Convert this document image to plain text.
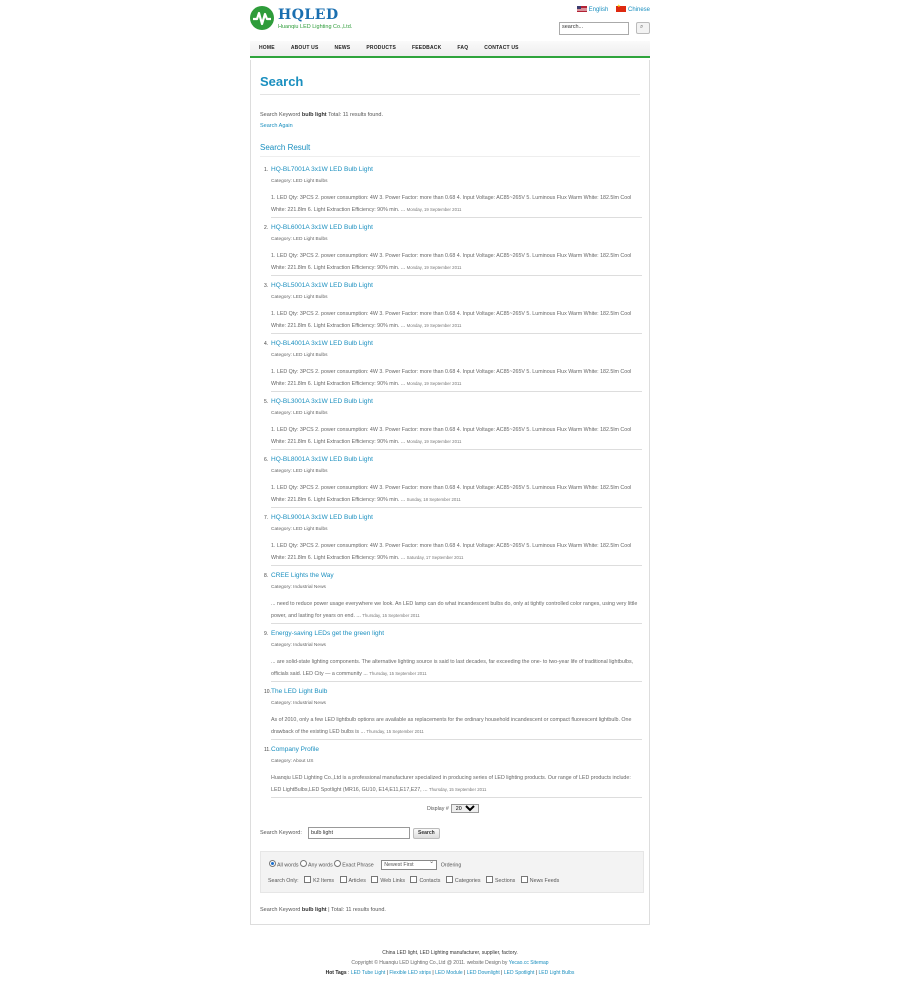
HQLED
Huanqiu LED Lighting Co.,Ltd.
English ★	Chinese
search...	⌕
HOME	ABOUT US	NEWS	PRODUCTS	FEEDBACK	FAQ	CONTACT US
Search
Search Keyword bulb light Total: 11 results found.
Search Again
Search Result
1. HQ-BL7001A 3x1W LED Bulb Light
Category: LED Light Bulbs
1. LED Qty: 3PCS 2. power consumption: 4W 3. Power Factor: more than 0.68 4. Input Voltage: AC85~265V 5. Luminous Flux Warm White: 182.5lm Cool White: 221.8lm 6. Light Extraction Efficiency: 90% min. ... Monday, 19 September 2011
2. HQ-BL6001A 3x1W LED Bulb Light
Category: LED Light Bulbs
1. LED Qty: 3PCS 2. power consumption: 4W 3. Power Factor: more than 0.68 4. Input Voltage: AC85~265V 5. Luminous Flux Warm White: 182.5lm Cool White: 221.8lm 6. Light Extraction Efficiency: 90% min. ... Monday, 19 September 2011
3. HQ-BL5001A 3x1W LED Bulb Light
Category: LED Light Bulbs
1. LED Qty: 3PCS 2. power consumption: 4W 3. Power Factor: more than 0.68 4. Input Voltage: AC85~265V 5. Luminous Flux Warm White: 182.5lm Cool White: 221.8lm 6. Light Extraction Efficiency: 90% min. ... Monday, 19 September 2011
4. HQ-BL4001A 3x1W LED Bulb Light
Category: LED Light Bulbs
1. LED Qty: 3PCS 2. power consumption: 4W 3. Power Factor: more than 0.68 4. Input Voltage: AC85~265V 5. Luminous Flux Warm White: 182.5lm Cool White: 221.8lm 6. Light Extraction Efficiency: 90% min. ... Monday, 19 September 2011
5. HQ-BL3001A 3x1W LED Bulb Light
Category: LED Light Bulbs
1. LED Qty: 3PCS 2. power consumption: 4W 3. Power Factor: more than 0.68 4. Input Voltage: AC85~265V 5. Luminous Flux Warm White: 182.5lm Cool White: 221.8lm 6. Light Extraction Efficiency: 90% min. ... Monday, 19 September 2011
6. HQ-BL8001A 3x1W LED Bulb Light
Category: LED Light Bulbs
1. LED Qty: 3PCS 2. power consumption: 4W 3. Power Factor: more than 0.68 4. Input Voltage: AC85~265V 5. Luminous Flux Warm White: 182.5lm Cool White: 221.8lm 6. Light Extraction Efficiency: 90% min. ... Sunday, 18 September 2011
7. HQ-BL9001A 3x1W LED Bulb Light
Category: LED Light Bulbs
1. LED Qty: 3PCS 2. power consumption: 4W 3. Power Factor: more than 0.68 4. Input Voltage: AC85~265V 5. Luminous Flux Warm White: 182.5lm Cool White: 221.8lm 6. Light Extraction Efficiency: 90% min. ... Saturday, 17 September 2011
8. CREE Lights the Way
Category: Industrial News
... need to reduce power usage everywhere we look. An LED lamp can do what incandescent bulbs do, only at tightly controlled color ranges, using very little power, and lasting for years on end. ... Thursday, 15 September 2011
9. Energy-saving LEDs get the green light
Category: Industrial News
... are solid-state lighting components. The alternative lighting source is said to last decades, far exceeding the one- to two-year life of traditional lightbulbs, officials said. LED City — a community ... Thursday, 15 September 2011
10. The LED Light Bulb
Category: Industrial News
As of 2010, only a few LED lightbulb options are available as replacements for the ordinary household incandescent or compact fluorescent lightbulb. One drawback of the existing LED bulbs is ... Thursday, 15 September 2011
11. Company Profile
Category: About US
Huanqiu LED Lighting Co.,Ltd is a professional manufacturer specialized in producing series of LED lighting products. Our range of LED products include: LED LightBulbs,LED Spotlight (MR16, GU10, E14,E11,E17,E27, ... Thursday, 15 September 2011
Display #
20
Search Keyword:
bulb light	Search
All words Any words Exact Phrase Newest First ⌄	Ordering
Search Only:	K2 Items	Articles	Web Links	Contacts	Categories	Sections	News Feeds
Search Keyword bulb light | Total: 11 results found.
China LED light, LED Lighting manufacturer, supplier, factory.
Copyright © Huanqiu LED Lighting Co.,Ltd @ 2011. website Design by Yecao.cc Sitemap
Hot Tags : LED Tube Light | Flexible LED strips | LED Module | LED Downlight | LED Spotlight | LED Light Bulbs
